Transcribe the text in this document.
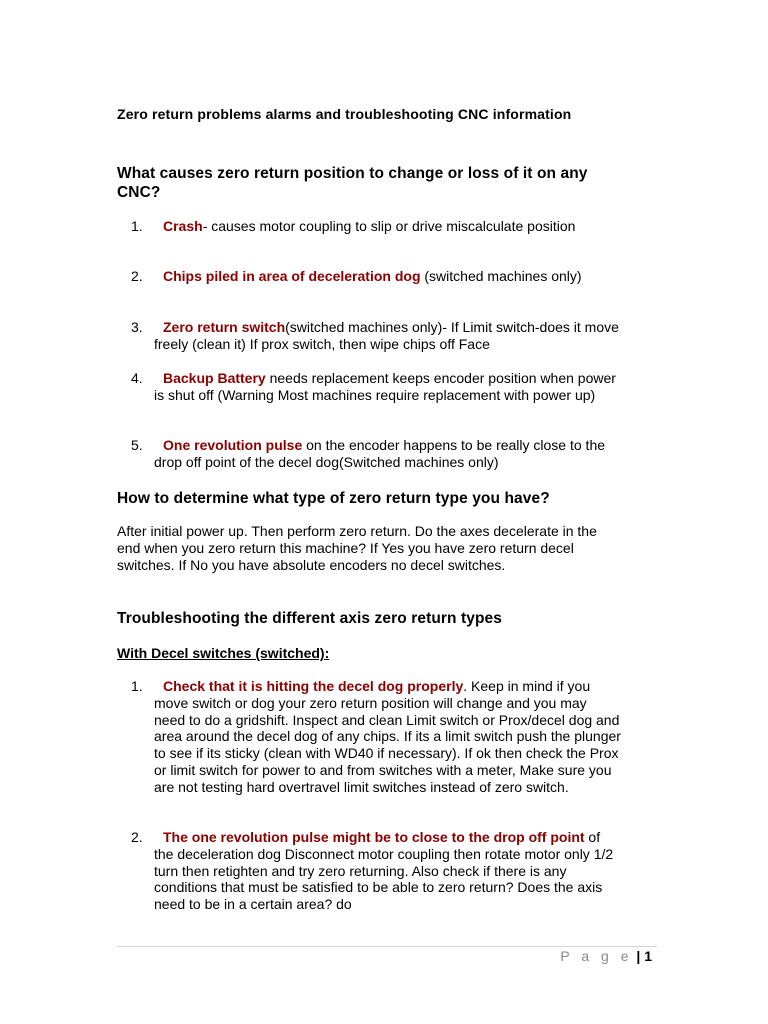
Zero return problems alarms and troubleshooting CNC information
What causes zero return position to change or loss of it on any CNC?
1.	Crash- causes motor coupling to slip or drive miscalculate position
2.	Chips piled in area of deceleration dog (switched machines only)
3.	Zero return switch(switched machines only)- If Limit switch-does it move freely (clean it) If prox switch, then wipe chips off Face
4.	Backup Battery needs replacement keeps encoder position when power is shut off (Warning Most machines require replacement with power up)
5.	One revolution pulse on the encoder happens to be really close to the drop off point of the decel dog(Switched machines only)
How to determine what type of zero return type you have?
After initial power up. Then perform zero return. Do the axes decelerate in the end when you zero return this machine? If Yes you have zero return decel switches. If No you have absolute encoders no decel switches.
Troubleshooting the different axis zero return types
With Decel switches (switched):
1.	Check that it is hitting the decel dog properly. Keep in mind if you move switch or dog your zero return position will change and you may need to do a gridshift. Inspect and clean Limit switch or Prox/decel dog and area around the decel dog of any chips. If its a limit switch push the plunger to see if its sticky (clean with WD40 if necessary). If ok then check the Prox or limit switch for power to and from switches with a meter, Make sure you are not testing hard overtravel limit switches instead of zero switch.
2.	The one revolution pulse might be to close to the drop off point of the deceleration dog Disconnect motor coupling then rotate motor only 1/2 turn then retighten and try zero returning. Also check if there is any conditions that must be satisfied to be able to zero return? Does the axis need to be in a certain area? do
P a g e | 1
